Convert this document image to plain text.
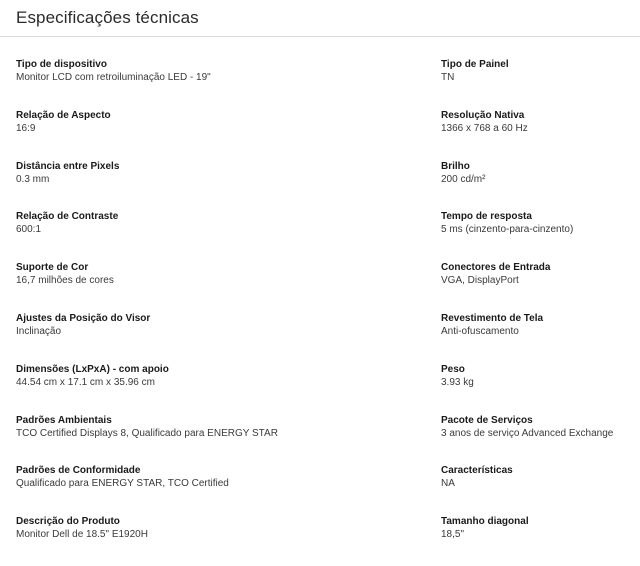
Especificações técnicas
Tipo de dispositivo
Monitor LCD com retroiluminação LED - 19"
Tipo de Painel
TN
Relação de Aspecto
16:9
Resolução Nativa
1366 x 768 a 60 Hz
Distância entre Pixels
0.3 mm
Brilho
200 cd/m²
Relação de Contraste
600:1
Tempo de resposta
5 ms (cinzento-para-cinzento)
Suporte de Cor
16,7 milhões de cores
Conectores de Entrada
VGA, DisplayPort
Ajustes da Posição do Visor
Inclinação
Revestimento de Tela
Anti-ofuscamento
Dimensões (LxPxA) - com apoio
44.54 cm x 17.1 cm x 35.96 cm
Peso
3.93 kg
Padrões Ambientais
TCO Certified Displays 8, Qualificado para ENERGY STAR
Pacote de Serviços
3 anos de serviço Advanced Exchange
Padrões de Conformidade
Qualificado para ENERGY STAR, TCO Certified
Características
NA
Descrição do Produto
Monitor Dell de 18.5" E1920H
Tamanho diagonal
18,5"
